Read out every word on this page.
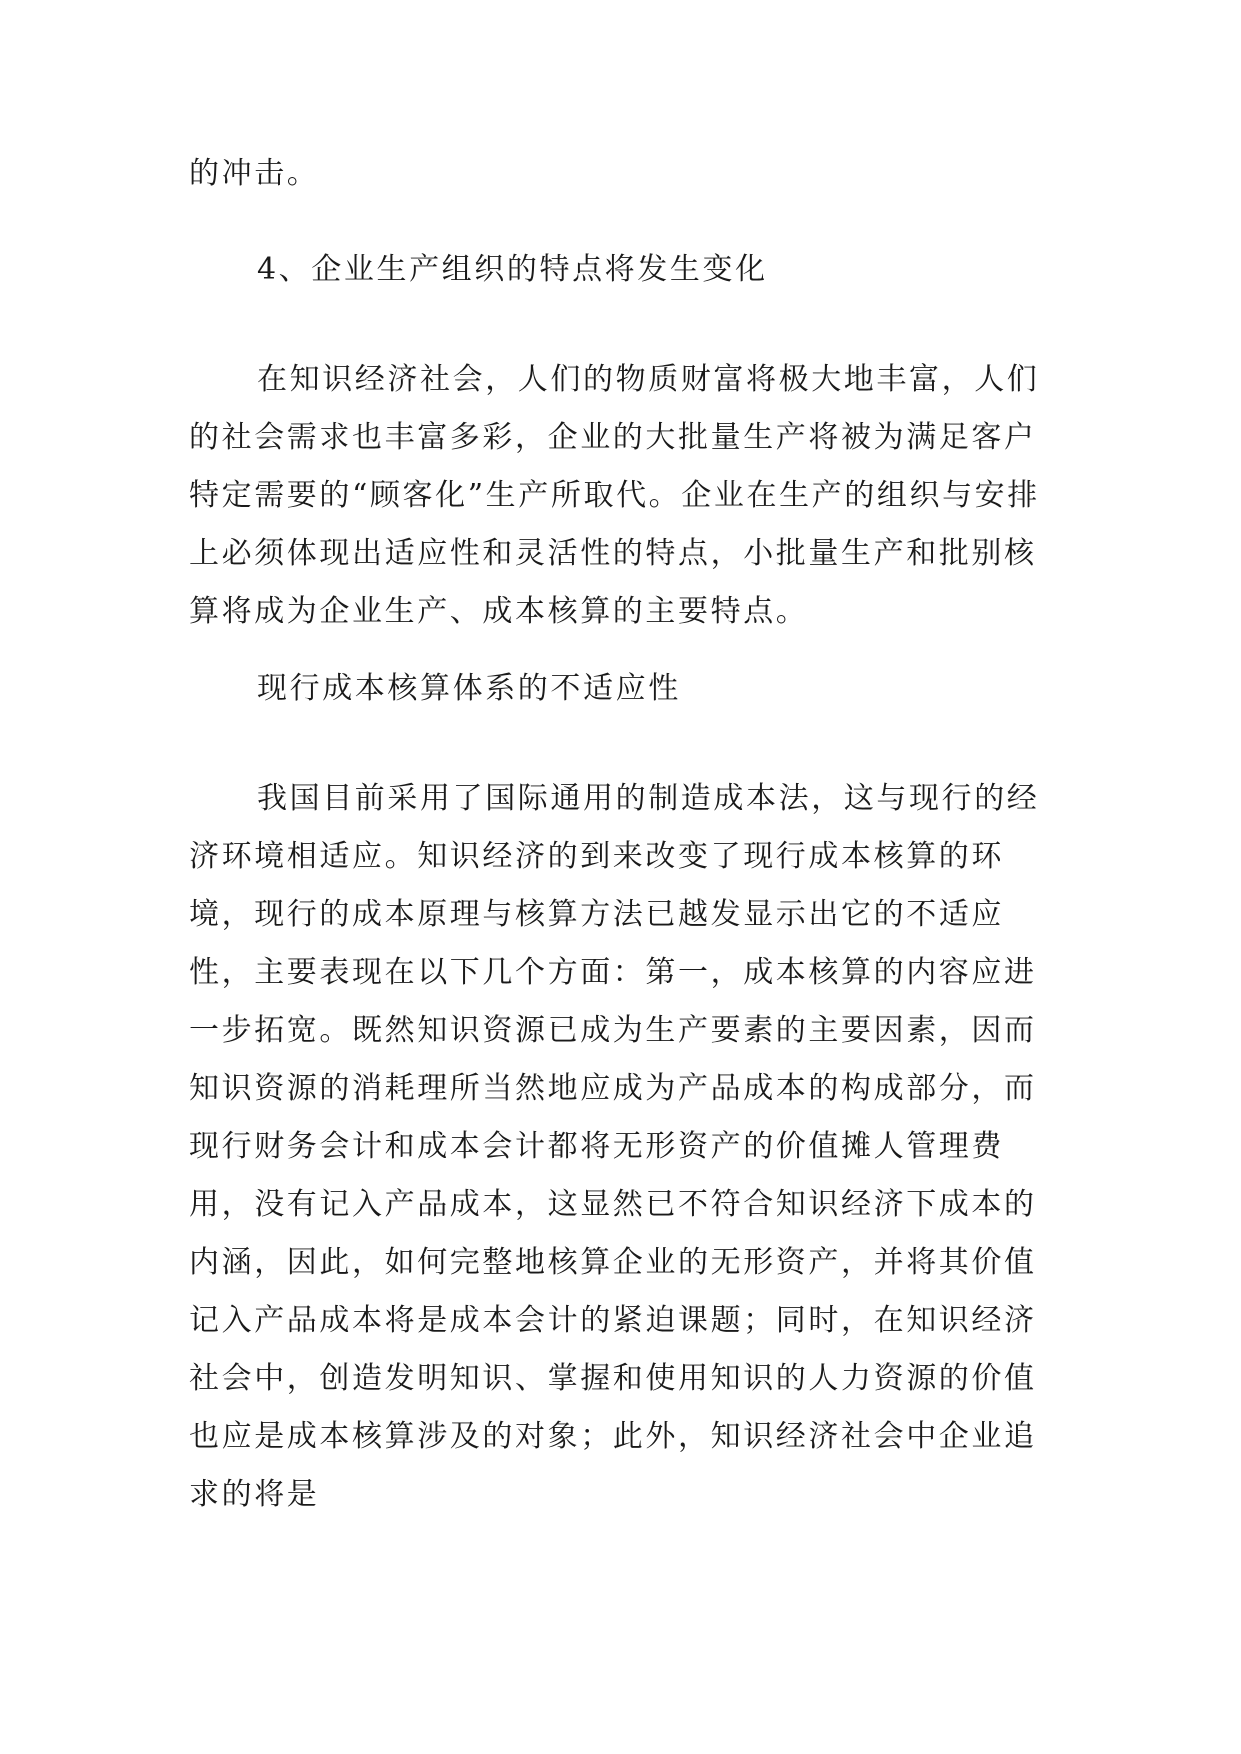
的冲击。

4、企业生产组织的特点将发生变化

在知识经济社会，人们的物质财富将极大地丰富，人们的社会需求也丰富多彩，企业的大批量生产将被为满足客户特定需要的“顾客化”生产所取代。企业在生产的组织与安排上必须体现出适应性和灵活性的特点，小批量生产和批别核算将成为企业生产、成本核算的主要特点。

现行成本核算体系的不适应性

我国目前采用了国际通用的制造成本法，这与现行的经济环境相适应。知识经济的到来改变了现行成本核算的环境，现行的成本原理与核算方法已越发显示出它的不适应性，主要表现在以下几个方面：第一，成本核算的内容应进一步拓宽。既然知识资源已成为生产要素的主要因素，因而知识资源的消耗理所当然地应成为产品成本的构成部分，而现行财务会计和成本会计都将无形资产的价值摊人管理费用，没有记入产品成本，这显然已不符合知识经济下成本的内涵，因此，如何完整地核算企业的无形资产，并将其价值记入产品成本将是成本会计的紧迫课题；同时，在知识经济社会中，创造发明知识、掌握和使用知识的人力资源的价值也应是成本核算涉及的对象；此外，知识经济社会中企业追求的将是
